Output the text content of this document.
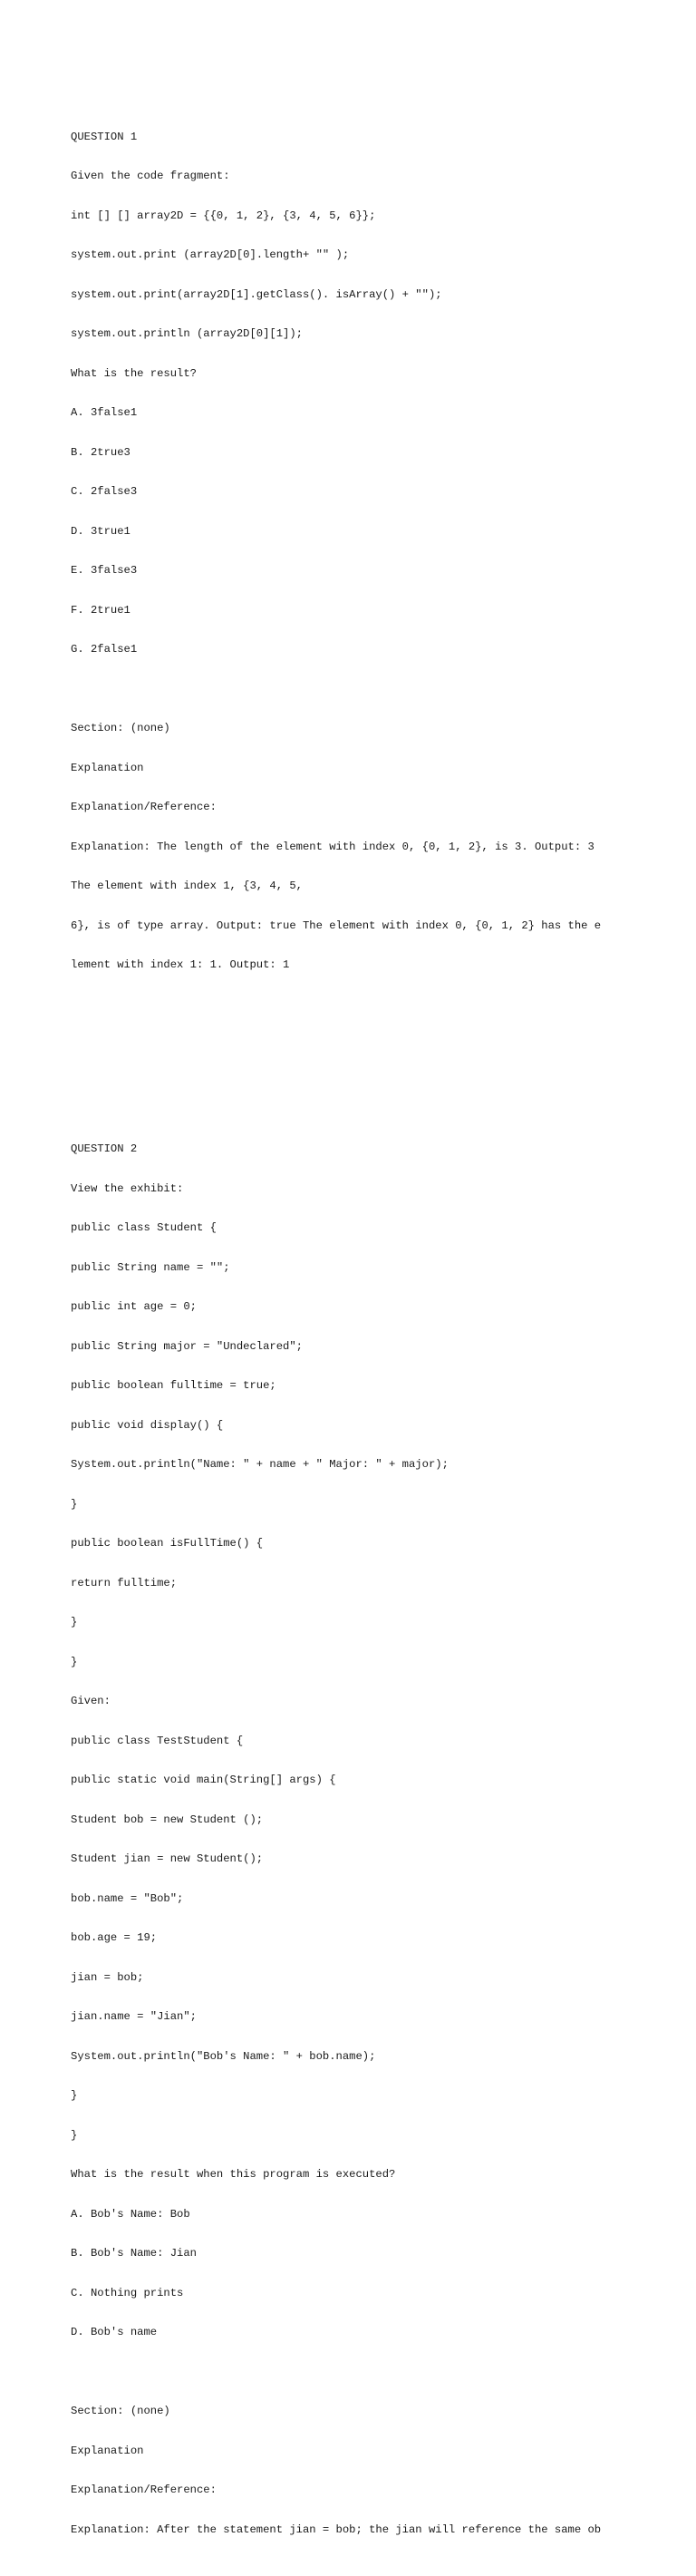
QUESTION 1

Given the code fragment:

int [] [] array2D = {{0, 1, 2}, {3, 4, 5, 6}};

system.out.print (array2D[0].length+ "" );

system.out.print(array2D[1].getClass(). isArray() + "");

system.out.println (array2D[0][1]);

What is the result?

A. 3false1

B. 2true3

C. 2false3

D. 3true1

E. 3false3

F. 2true1

G. 2false1

Section: (none)

Explanation

Explanation/Reference:

Explanation: The length of the element with index 0, {0, 1, 2}, is 3. Output: 3

The element with index 1, {3, 4, 5,

6}, is of type array. Output: true The element with index 0, {0, 1, 2} has the e

lement with index 1: 1. Output: 1

QUESTION 2

View the exhibit:

public class Student {

public String name = "";

public int age = 0;

public String major = "Undeclared";

public boolean fulltime = true;

public void display() {

System.out.println("Name: " + name + " Major: " + major);

}

public boolean isFullTime() {

return fulltime;

}

}

Given:

public class TestStudent {

public static void main(String[] args) {

Student bob = new Student ();

Student jian = new Student();

bob.name = "Bob";

bob.age = 19;

jian = bob;

jian.name = "Jian";

System.out.println("Bob's Name: " + bob.name);

}

}

What is the result when this program is executed?

A. Bob's Name: Bob

B. Bob's Name: Jian

C. Nothing prints

D. Bob's name

Section: (none)

Explanation

Explanation/Reference:

Explanation: After the statement jian = bob; the jian will reference the same ob
